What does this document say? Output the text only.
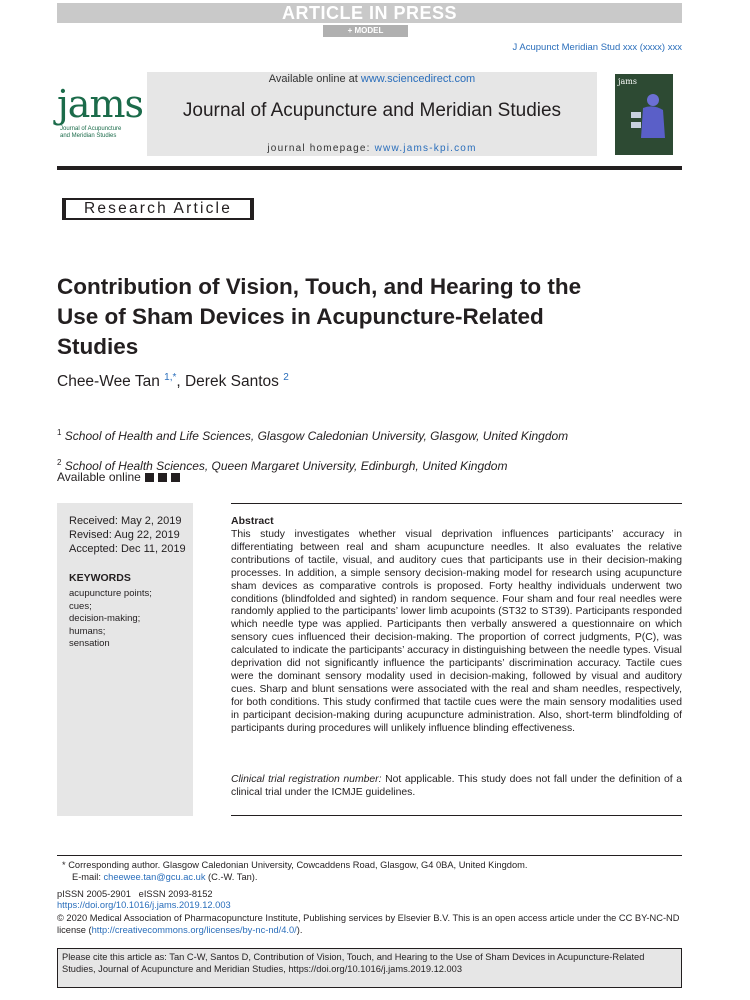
ARTICLE IN PRESS
+ MODEL
J Acupunct Meridian Stud xxx (xxxx) xxx
Available online at www.sciencedirect.com
Journal of Acupuncture and Meridian Studies
journal homepage: www.jams-kpi.com
jams
Journal of Acupuncture
and Meridian Studies
jams
Research Article
Contribution of Vision, Touch, and Hearing to the Use of Sham Devices in Acupuncture-Related Studies
Chee-Wee Tan $^{1,*}$, Derek Santos $^2$
$^1$ School of Health and Life Sciences, Glasgow Caledonian University, Glasgow, United Kingdom
$^2$ School of Health Sciences, Queen Margaret University, Edinburgh, United Kingdom
Available online
Received: May 2, 2019
Revised: Aug 22, 2019
Accepted: Dec 11, 2019
KEYWORDS
acupuncture points;
cues;
decision-making;
humans;
sensation
Abstract
This study investigates whether visual deprivation influences participants’ accuracy in differentiating between real and sham acupuncture needles. It also evaluates the relative contributions of tactile, visual, and auditory cues that participants use in their decision-making processes. In addition, a simple sensory decision-making model for research using acupuncture sham devices as comparative controls is proposed. Forty healthy individuals underwent two conditions (blindfolded and sighted) in random sequence. Four sham and four real needles were randomly applied to the participants’ lower limb acupoints (ST32 to ST39). Participants responded which needle type was applied. Participants then verbally answered a questionnaire on which sensory cues influenced their decision-making. The proportion of correct judgments, P(C), was calculated to indicate the participants’ accuracy in distinguishing between the needle types. Visual deprivation did not significantly influence the participants’ discrimination accuracy. Tactile cues were the dominant sensory modality used in decision-making, followed by visual and auditory cues. Sharp and blunt sensations were associated with the real and sham needles, respectively, for both conditions. This study confirmed that tactile cues were the main sensory modalities used in participant decision-making during acupuncture administration. Also, short-term blindfolding of participants during procedures will unlikely influence blinding effectiveness.
Clinical trial registration number: Not applicable. This study does not fall under the definition of a clinical trial under the ICMJE guidelines.
* Corresponding author. Glasgow Caledonian University, Cowcaddens Road, Glasgow, G4 0BA, United Kingdom.
E-mail: cheewee.tan@gcu.ac.uk (C.-W. Tan).
pISSN 2005-2901   eISSN 2093-8152
https://doi.org/10.1016/j.jams.2019.12.003
© 2020 Medical Association of Pharmacopuncture Institute, Publishing services by Elsevier B.V. This is an open access article under the CC BY-NC-ND license (http://creativecommons.org/licenses/by-nc-nd/4.0/).
Please cite this article as: Tan C-W, Santos D, Contribution of Vision, Touch, and Hearing to the Use of Sham Devices in Acupuncture-Related Studies, Journal of Acupuncture and Meridian Studies, https://doi.org/10.1016/j.jams.2019.12.003
